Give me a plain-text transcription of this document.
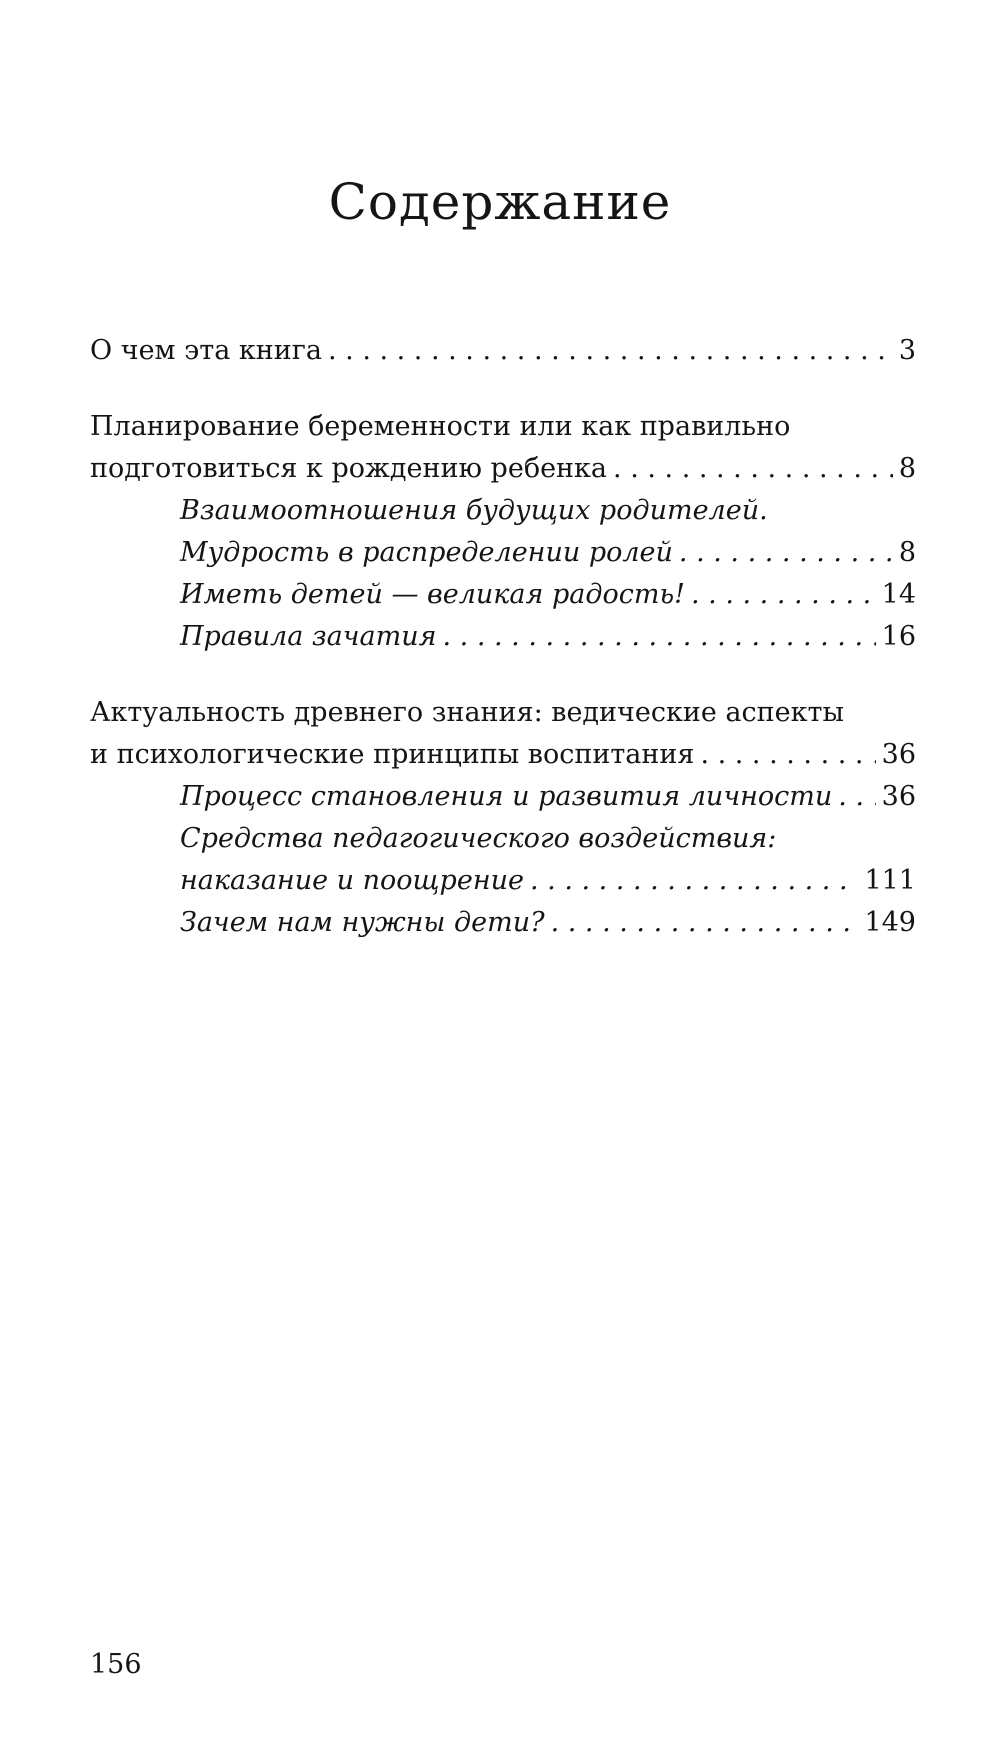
Содержание
О чем эта книга . . .	3
Планирование беременности или как правильно
подготовиться к рождению ребенка . . .	8
Взаимоотношения будущих родителей.
Мудрость в распределении ролей . . .	8
Иметь детей — великая радость! . . .	14
Правила зачатия . . .	16
Актуальность древнего знания: ведические аспекты
и психологические принципы воспитания . . .	36
Процесс становления и развития личности . . . 36
Средства педагогического воздействия:
наказание и поощрение . . .	111
Зачем нам нужны дети? . . .	149
156
